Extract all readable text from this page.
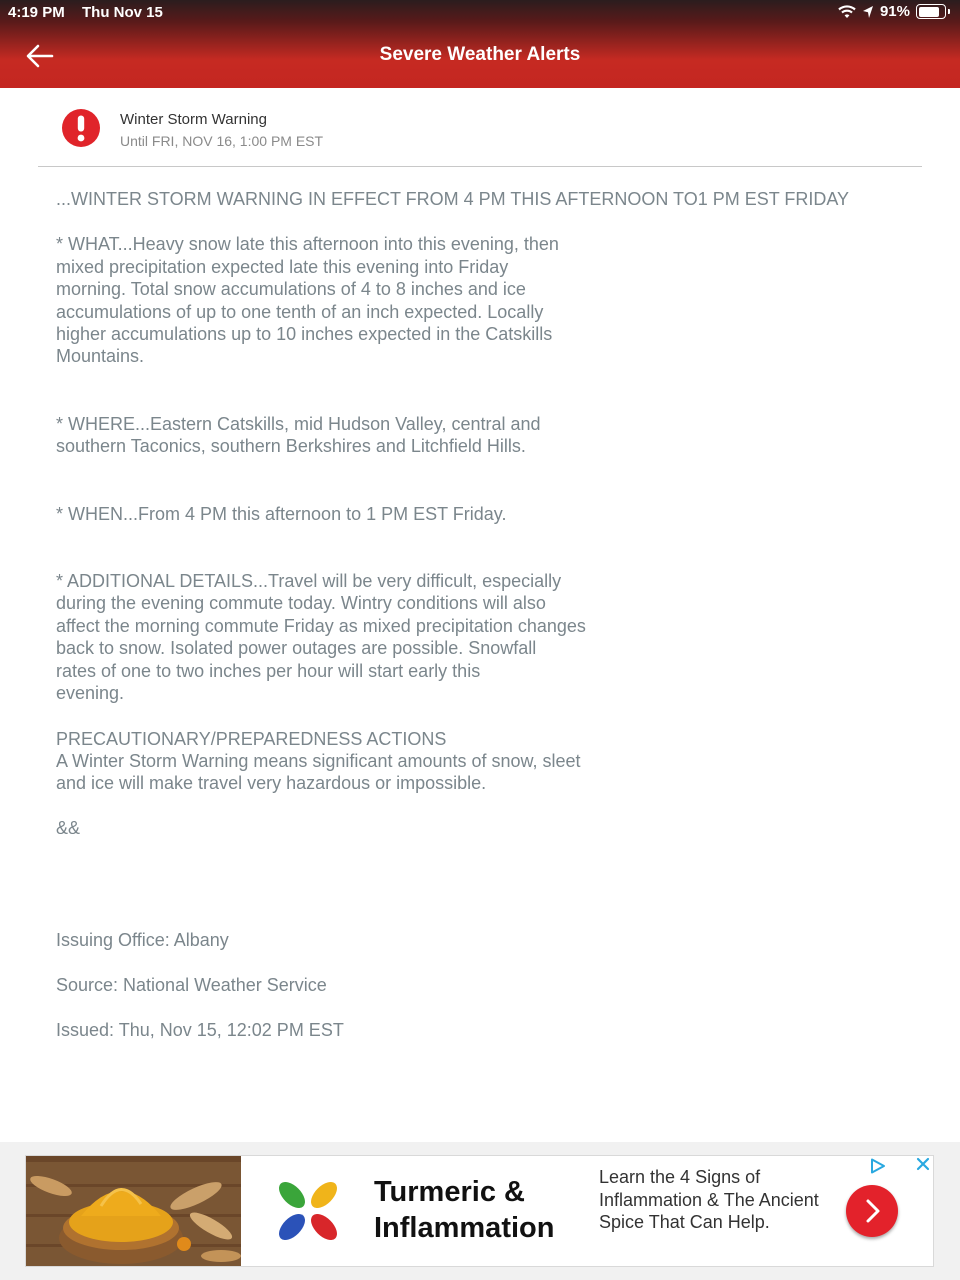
4:19 PM Thu Nov 15	91%
Severe Weather Alerts
Winter Storm Warning
Until FRI, NOV 16, 1:00 PM EST

...WINTER STORM WARNING IN EFFECT FROM 4 PM THIS AFTERNOON TO1 PM EST FRIDAY

* WHAT...Heavy snow late this afternoon into this evening, then
mixed precipitation expected late this evening into Friday
morning. Total snow accumulations of 4 to 8 inches and ice
accumulations of up to one tenth of an inch expected. Locally
higher accumulations up to 10 inches expected in the Catskills
Mountains.

* WHERE...Eastern Catskills, mid Hudson Valley, central and
southern Taconics, southern Berkshires and Litchfield Hills.

* WHEN...From 4 PM this afternoon to 1 PM EST Friday.

* ADDITIONAL DETAILS...Travel will be very difficult, especially
during the evening commute today. Wintry conditions will also
affect the morning commute Friday as mixed precipitation changes
back to snow. Isolated power outages are possible. Snowfall
rates of one to two inches per hour will start early this
evening.

PRECAUTIONARY/PREPAREDNESS ACTIONS
A Winter Storm Warning means significant amounts of snow, sleet
and ice will make travel very hazardous or impossible.

&&

Issuing Office: Albany

Source: National Weather Service

Issued: Thu, Nov 15, 12:02 PM EST

Turmeric & Inflammation
Learn the 4 Signs of Inflammation & The Ancient Spice That Can Help.
